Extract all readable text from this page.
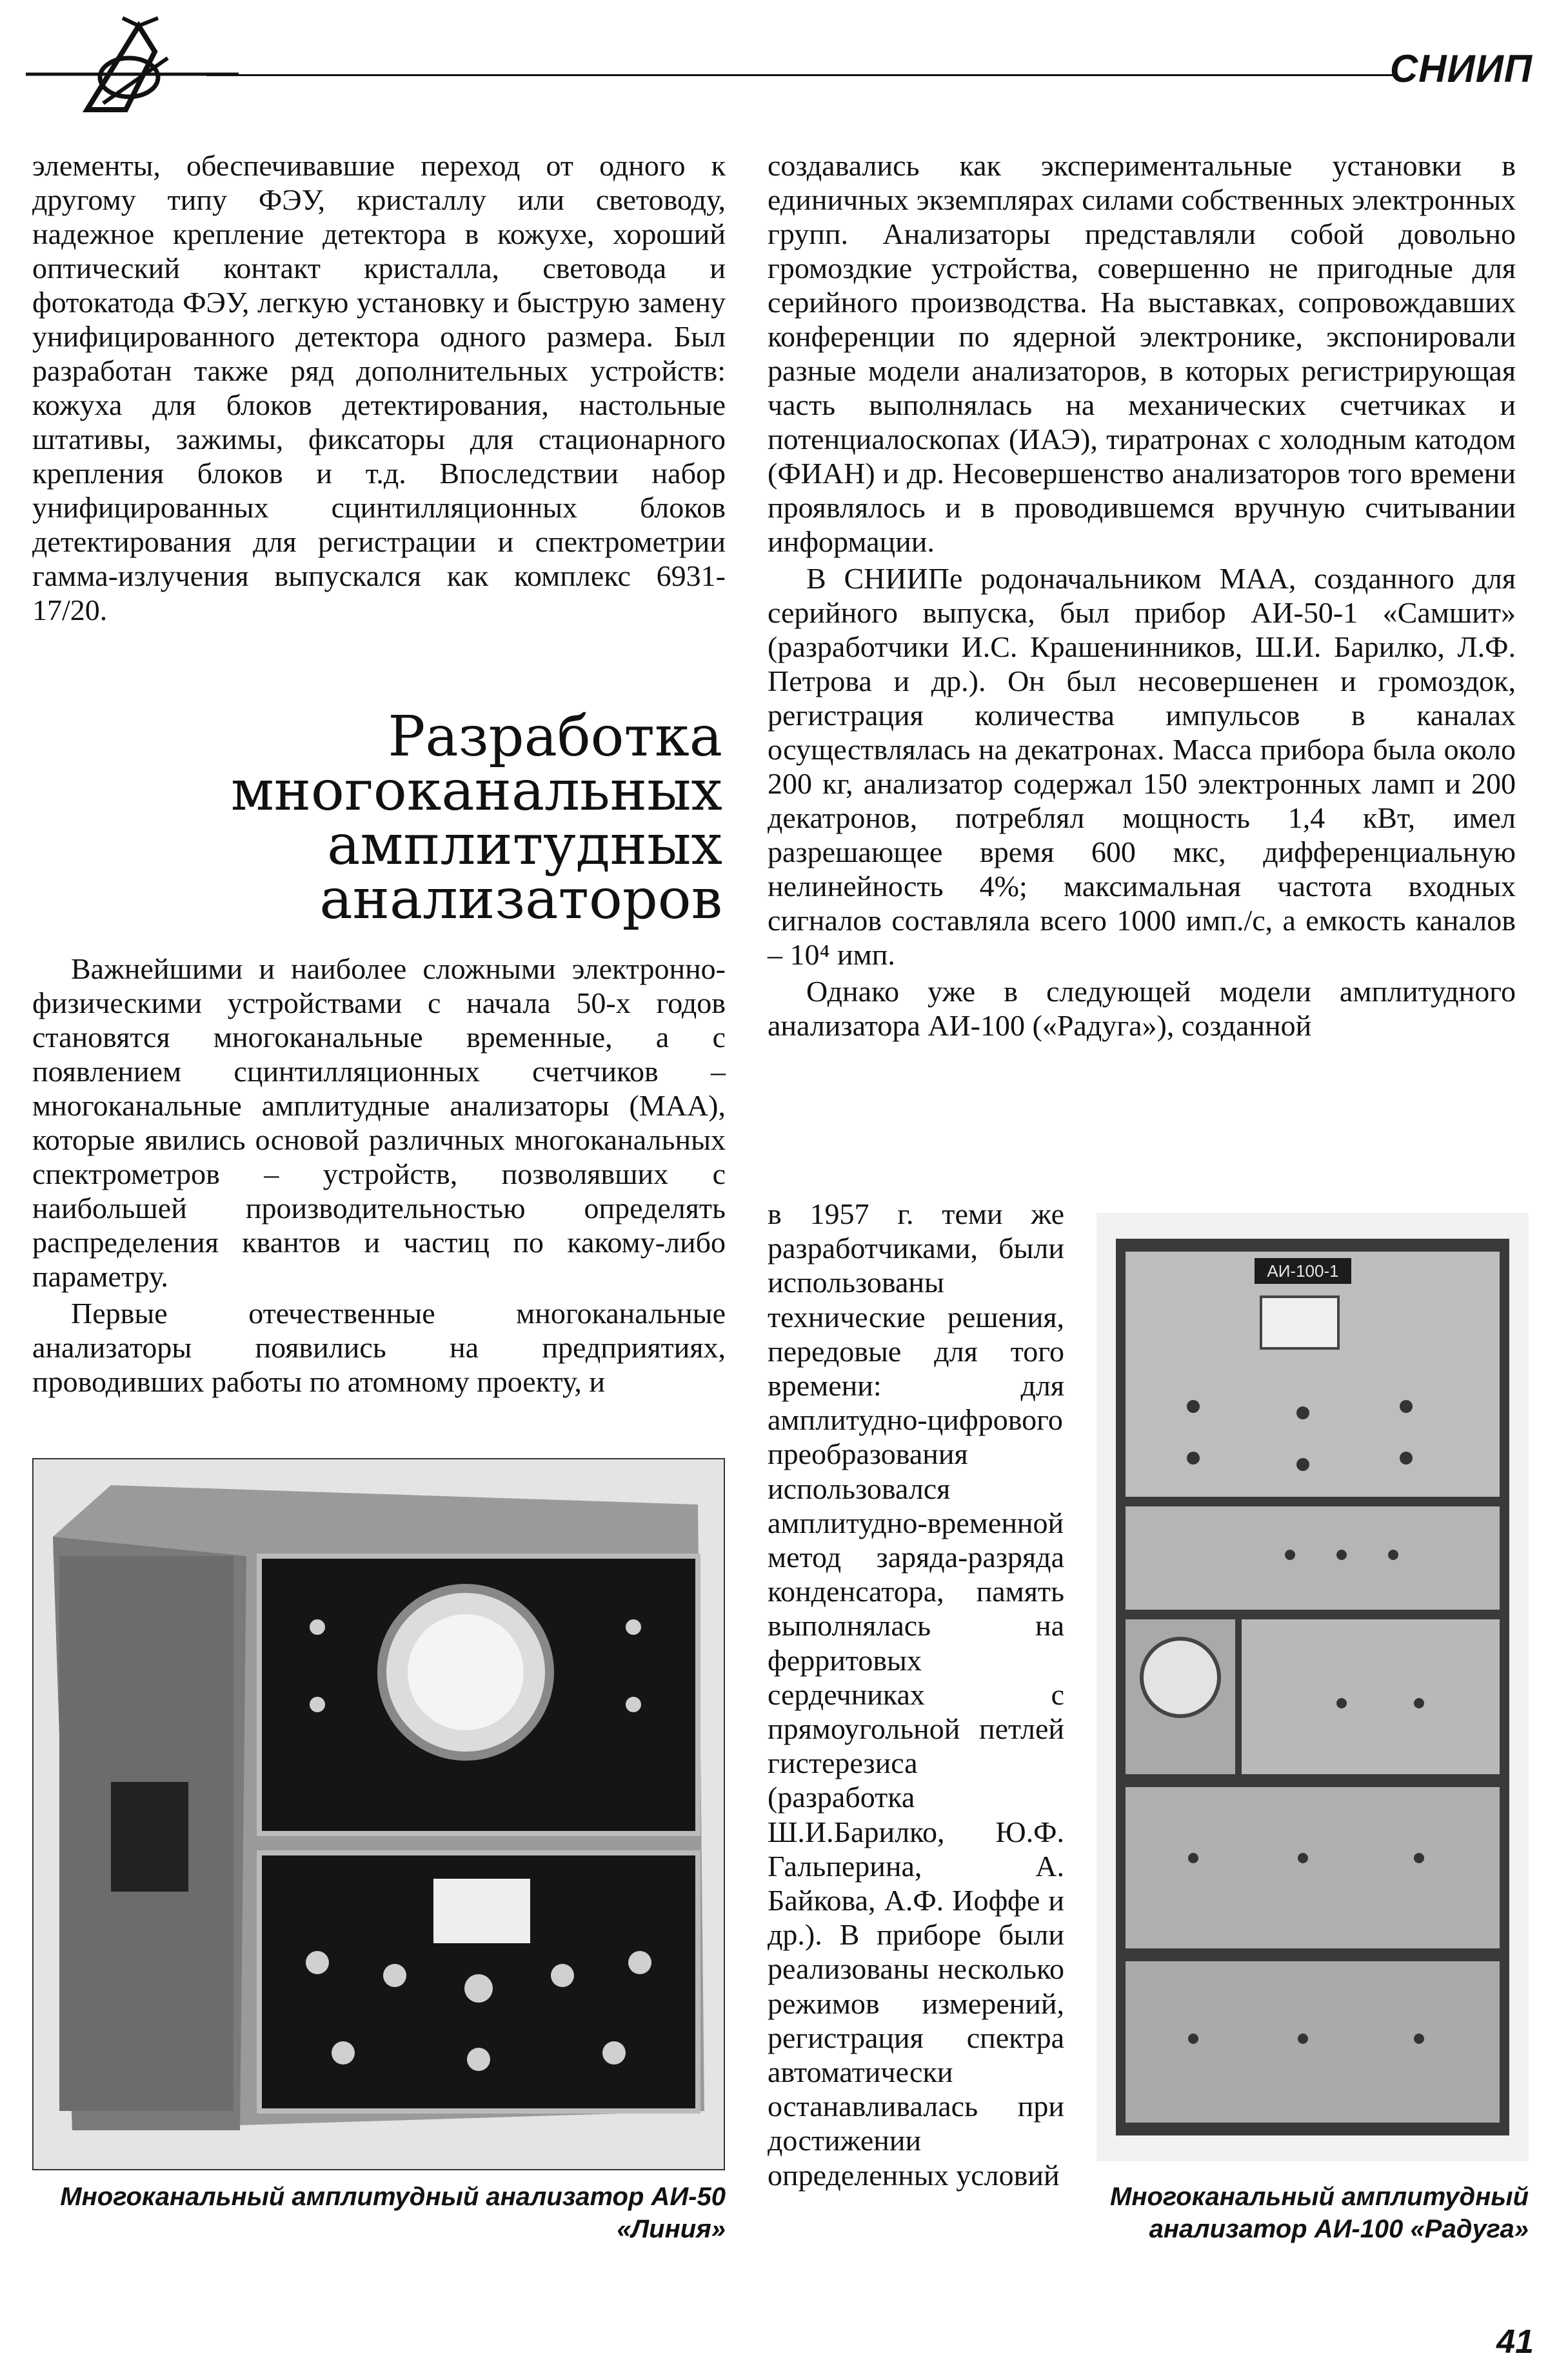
СНИИП

элементы, обеспечивавшие переход от одного к другому типу ФЭУ, кристаллу или световоду, надежное крепление детектора в кожухе, хороший оптический контакт кристалла, световода и фотокатода ФЭУ, легкую установку и быструю замену унифицированного детектора одного размера. Был разработан также ряд дополнительных устройств: кожуха для блоков детектирования, настольные штативы, зажимы, фиксаторы для стационарного крепления блоков и т.д. Впоследствии набор унифицированных сцинтилляционных блоков детектирования для регистрации и спектрометрии гамма-излучения выпускался как комплекс 6931-17/20.

Разработка многоканальных амплитудных анализаторов

Важнейшими и наиболее сложными электронно-физическими устройствами с начала 50-х годов становятся многоканальные временные, а с появлением сцинтилляционных счетчиков – многоканальные амплитудные анализаторы (МАА), которые явились основой различных многоканальных спектрометров – устройств, позволявших с наибольшей производительностью определять распределения квантов и частиц по какому-либо параметру.

Первые отечественные многоканальные анализаторы появились на предприятиях, проводивших работы по атомному проекту, и

создавались как экспериментальные установки в единичных экземплярах силами собственных электронных групп. Анализаторы представляли собой довольно громоздкие устройства, совершенно не пригодные для серийного производства. На выставках, сопровождавших конференции по ядерной электронике, экспонировали разные модели анализаторов, в которых регистрирующая часть выполнялась на механических счетчиках и потенциалоскопах (ИАЭ), тиратронах с холодным катодом (ФИАН) и др. Несовершенство анализаторов того времени проявлялось и в проводившемся вручную считывании информации.

В СНИИПе родоначальником МАА, созданного для серийного выпуска, был прибор АИ-50-1 «Самшит» (разработчики И.С. Крашенинников, Ш.И. Барилко, Л.Ф. Петрова и др.). Он был несовершенен и громоздок, регистрация количества импульсов в каналах осуществлялась на декатронах. Масса прибора была около 200 кг, анализатор содержал 150 электронных ламп и 200 декатронов, потреблял мощность 1,4 кВт, имел разрешающее время 600 мкс, дифференциальную нелинейность 4%; максимальная частота входных сигналов составляла всего 1000 имп./с, а емкость каналов – 10⁴ имп.

Однако уже в следующей модели амплитудного анализатора АИ-100 («Радуга»), созданной

в 1957 г. теми же разработчиками, были использованы технические решения, передовые для того времени: для амплитудно-цифрового преобразования использовался амплитудно-временной метод заряда-разряда конденсатора, память выполнялась на ферритовых сердечниках с прямоугольной петлей гистерезиса (разработка Ш.И.Барилко, Ю.Ф. Гальперина, А. Байкова, А.Ф. Иоффе и др.). В приборе были реализованы несколько режимов измерений, регистрация спектра автоматически останавливалась при достижении определенных условий
АИ-100-1
Многоканальный амплитудный анализатор АИ-50 «Линия»
Многоканальный амплитудный анализатор АИ-100 «Радуга»
41
